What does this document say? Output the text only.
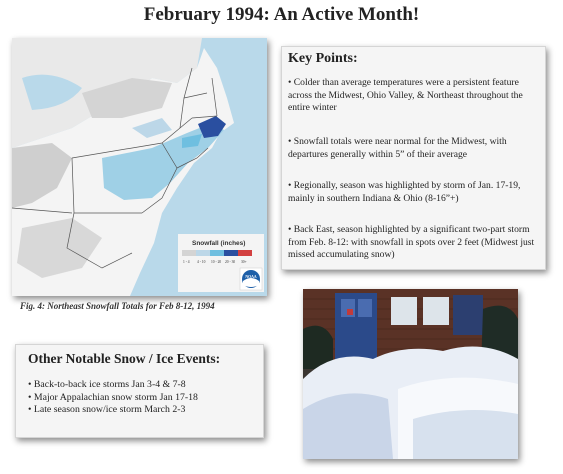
February 1994: An Active Month!
Snowfall (inches)
1 - 4 4 - 10 10 - 20 20 - 30 30+
NOAA
Fig. 4: Northeast Snowfall Totals for Feb 8-12, 1994
Key Points:
• Colder than average temperatures were a persistent feature across the Midwest, Ohio Valley, & Northeast throughout the entire winter
• Snowfall totals were near normal for the Midwest, with departures generally within 5” of their average
• Regionally, season was highlighted by storm of Jan. 17-19, mainly in southern Indiana & Ohio (8-16”+)
• Back East, season highlighted by a significant two-part storm from Feb. 8-12: with snowfall in spots over 2 feet (Midwest just missed accumulating snow)
Other Notable Snow / Ice Events:
• Back-to-back ice storms Jan 3-4 & 7-8
• Major Appalachian snow storm Jan 17-18
• Late season snow/ice storm March 2-3
